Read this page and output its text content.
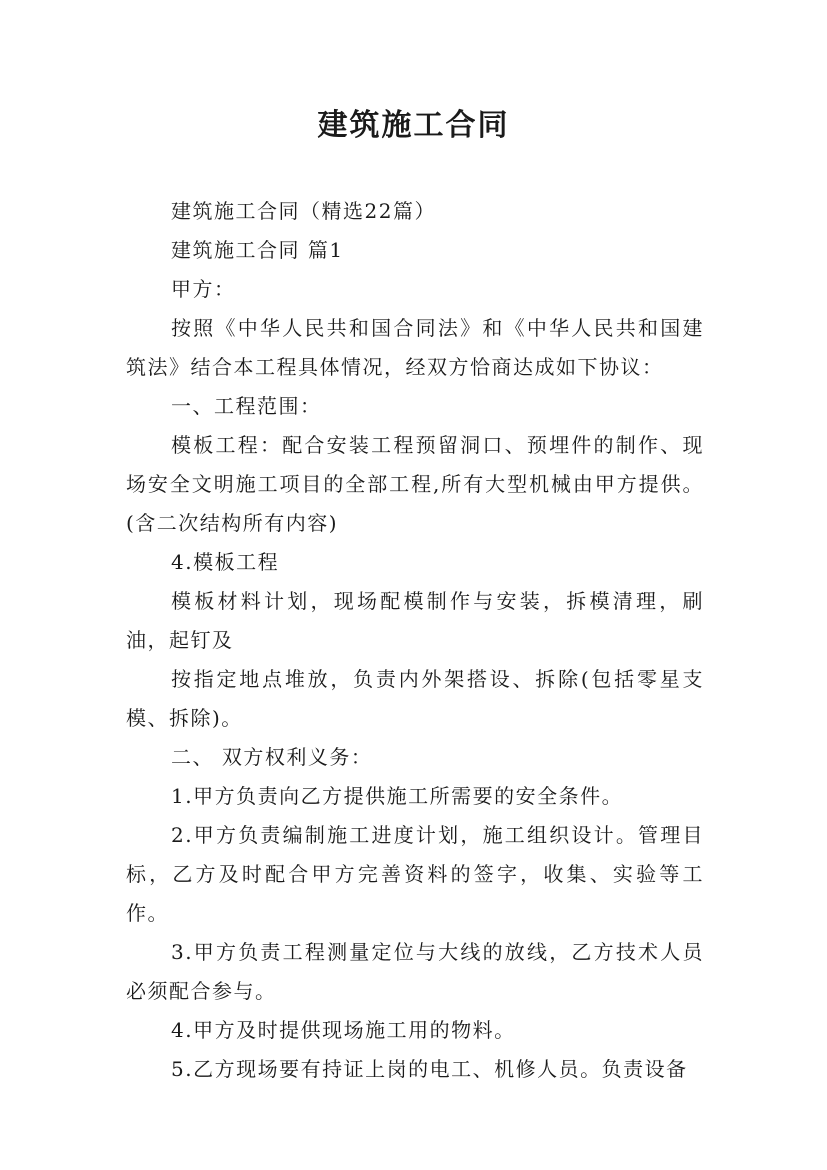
建筑施工合同

建筑施工合同（精选22篇）

建筑施工合同 篇1

甲方：

按照《中华人民共和国合同法》和《中华人民共和国建筑法》结合本工程具体情况，经双方恰商达成如下协议：

一、工程范围：

模板工程：配合安装工程预留洞口、预埋件的制作、现场安全文明施工项目的全部工程,所有大型机械由甲方提供。(含二次结构所有内容)

4.模板工程

模板材料计划，现场配模制作与安装，拆模清理，刷油，起钉及

按指定地点堆放，负责内外架搭设、拆除(包括零星支模、拆除)。

二、 双方权利义务：

1.甲方负责向乙方提供施工所需要的安全条件。

2.甲方负责编制施工进度计划，施工组织设计。管理目标，乙方及时配合甲方完善资料的签字，收集、实验等工作。

3.甲方负责工程测量定位与大线的放线，乙方技术人员必须配合参与。

4.甲方及时提供现场施工用的物料。

5.乙方现场要有持证上岗的电工、机修人员。负责设备
